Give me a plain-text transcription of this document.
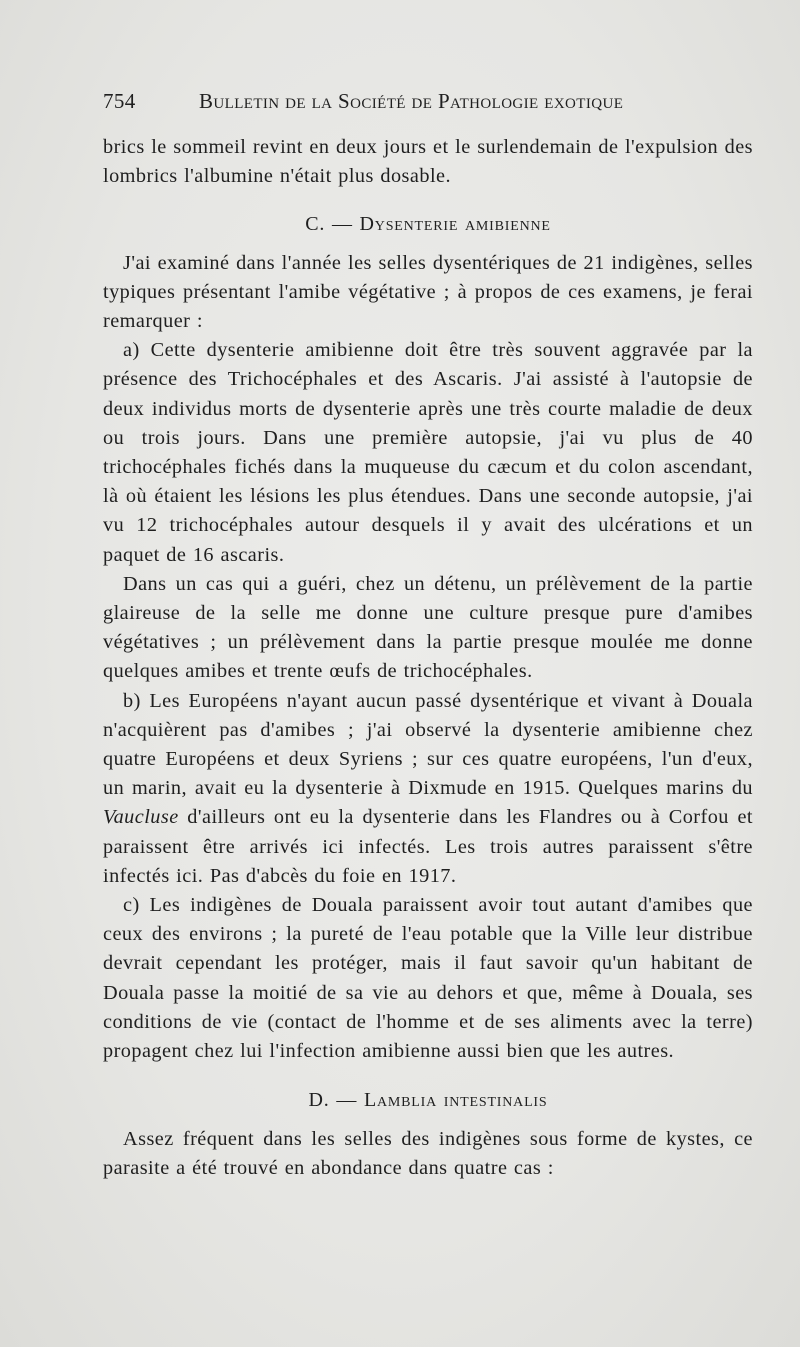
754	Bulletin de la Société de Pathologie exotique

brics le sommeil revint en deux jours et le surlendemain de l'expulsion des lombrics l'albumine n'était plus dosable.

C. — Dysenterie amibienne

J'ai examiné dans l'année les selles dysentériques de 21 indigènes, selles typiques présentant l'amibe végétative ; à propos de ces examens, je ferai remarquer :

a) Cette dysenterie amibienne doit être très souvent aggravée par la présence des Trichocéphales et des Ascaris. J'ai assisté à l'autopsie de deux individus morts de dysenterie après une très courte maladie de deux ou trois jours. Dans une première autopsie, j'ai vu plus de 40 trichocéphales fichés dans la muqueuse du cæcum et du colon ascendant, là où étaient les lésions les plus étendues. Dans une seconde autopsie, j'ai vu 12 trichocéphales autour desquels il y avait des ulcérations et un paquet de 16 ascaris.

Dans un cas qui a guéri, chez un détenu, un prélèvement de la partie glaireuse de la selle me donne une culture presque pure d'amibes végétatives ; un prélèvement dans la partie presque moulée me donne quelques amibes et trente œufs de trichocéphales.

b) Les Européens n'ayant aucun passé dysentérique et vivant à Douala n'acquièrent pas d'amibes ; j'ai observé la dysenterie amibienne chez quatre Européens et deux Syriens ; sur ces quatre européens, l'un d'eux, un marin, avait eu la dysenterie à Dixmude en 1915. Quelques marins du Vaucluse d'ailleurs ont eu la dysenterie dans les Flandres ou à Corfou et paraissent être arrivés ici infectés. Les trois autres paraissent s'être infectés ici. Pas d'abcès du foie en 1917.

c) Les indigènes de Douala paraissent avoir tout autant d'amibes que ceux des environs ; la pureté de l'eau potable que la Ville leur distribue devrait cependant les protéger, mais il faut savoir qu'un habitant de Douala passe la moitié de sa vie au dehors et que, même à Douala, ses conditions de vie (contact de l'homme et de ses aliments avec la terre) propagent chez lui l'infection amibienne aussi bien que les autres.

D. — Lamblia intestinalis

Assez fréquent dans les selles des indigènes sous forme de kystes, ce parasite a été trouvé en abondance dans quatre cas :
